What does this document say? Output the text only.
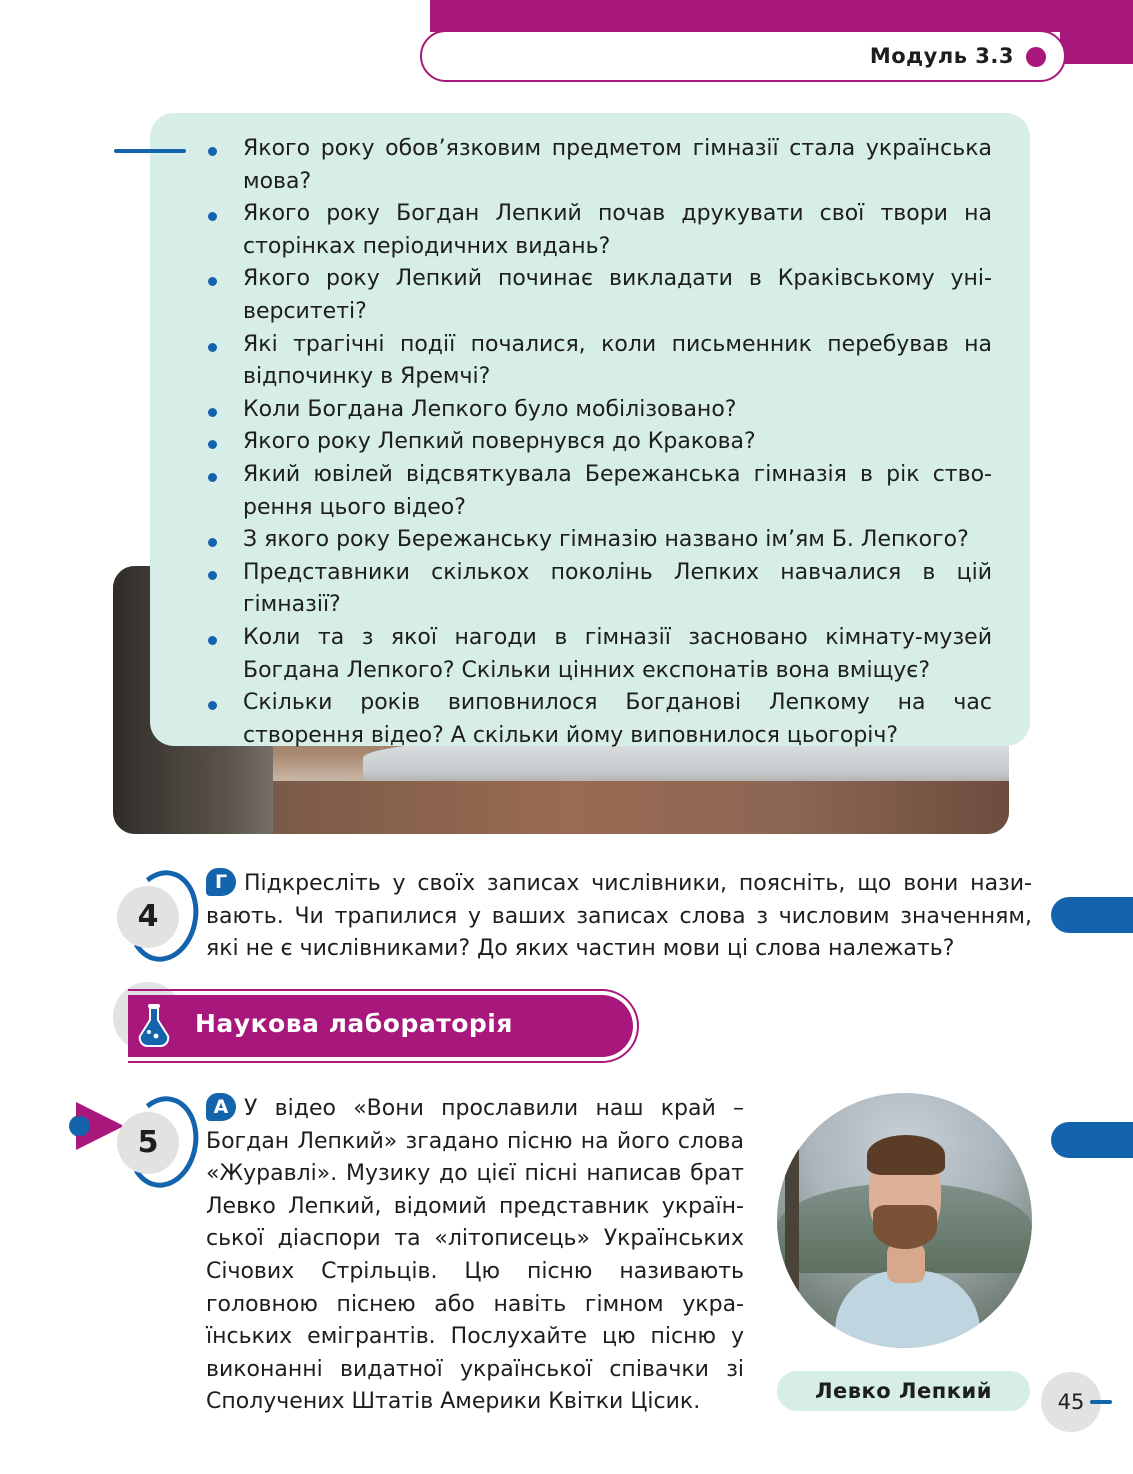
Модуль 3.3
Якого року обов’язковим предметом гімназії стала українська мова?
Якого року Богдан Лепкий почав друкувати свої твори на сторінках періодичних видань?
Якого року Лепкий починає викладати в Краківському університеті?
Які трагічні події почалися, коли письменник перебував на відпочинку в Яремчі?
Коли Богдана Лепкого було мобілізовано?
Якого року Лепкий повернувся до Кракова?
Який ювілей відсвяткувала Бережанська гімназія в рік створення цього відео?
З якого року Бережанську гімназію названо ім’ям Б. Лепкого?
Представники скількох поколінь Лепких навчалися в цій гімназії?
Коли та з якої нагоди в гімназії засновано кімнату-музей Богдана Лепкого? Скільки цінних експонатів вона вміщує?
Скільки років виповнилося Богданові Лепкому на час створення відео? А скільки йому виповнилося цьогоріч?
4
Г Підкресліть у своїх записах числівники, поясніть, що вони називають. Чи трапилися у ваших записах слова з числовим значенням, які не є числівниками? До яких частин мови ці слова належать?
Наукова лабораторія
5
А У відео «Вони прославили наш край – Богдан Лепкий» згадано пісню на його слова «Журавлі». Музику до цієї пісні написав брат Левко Лепкий, відомий представник української діаспори та «літописець» Українських Січових Стрільців. Цю пісню називають головною піснею або навіть гімном українських емігрантів. Послухайте цю пісню у виконанні видатної української співачки зі Сполучених Штатів Америки Квітки Цісик.	Левко Лепкий	45
